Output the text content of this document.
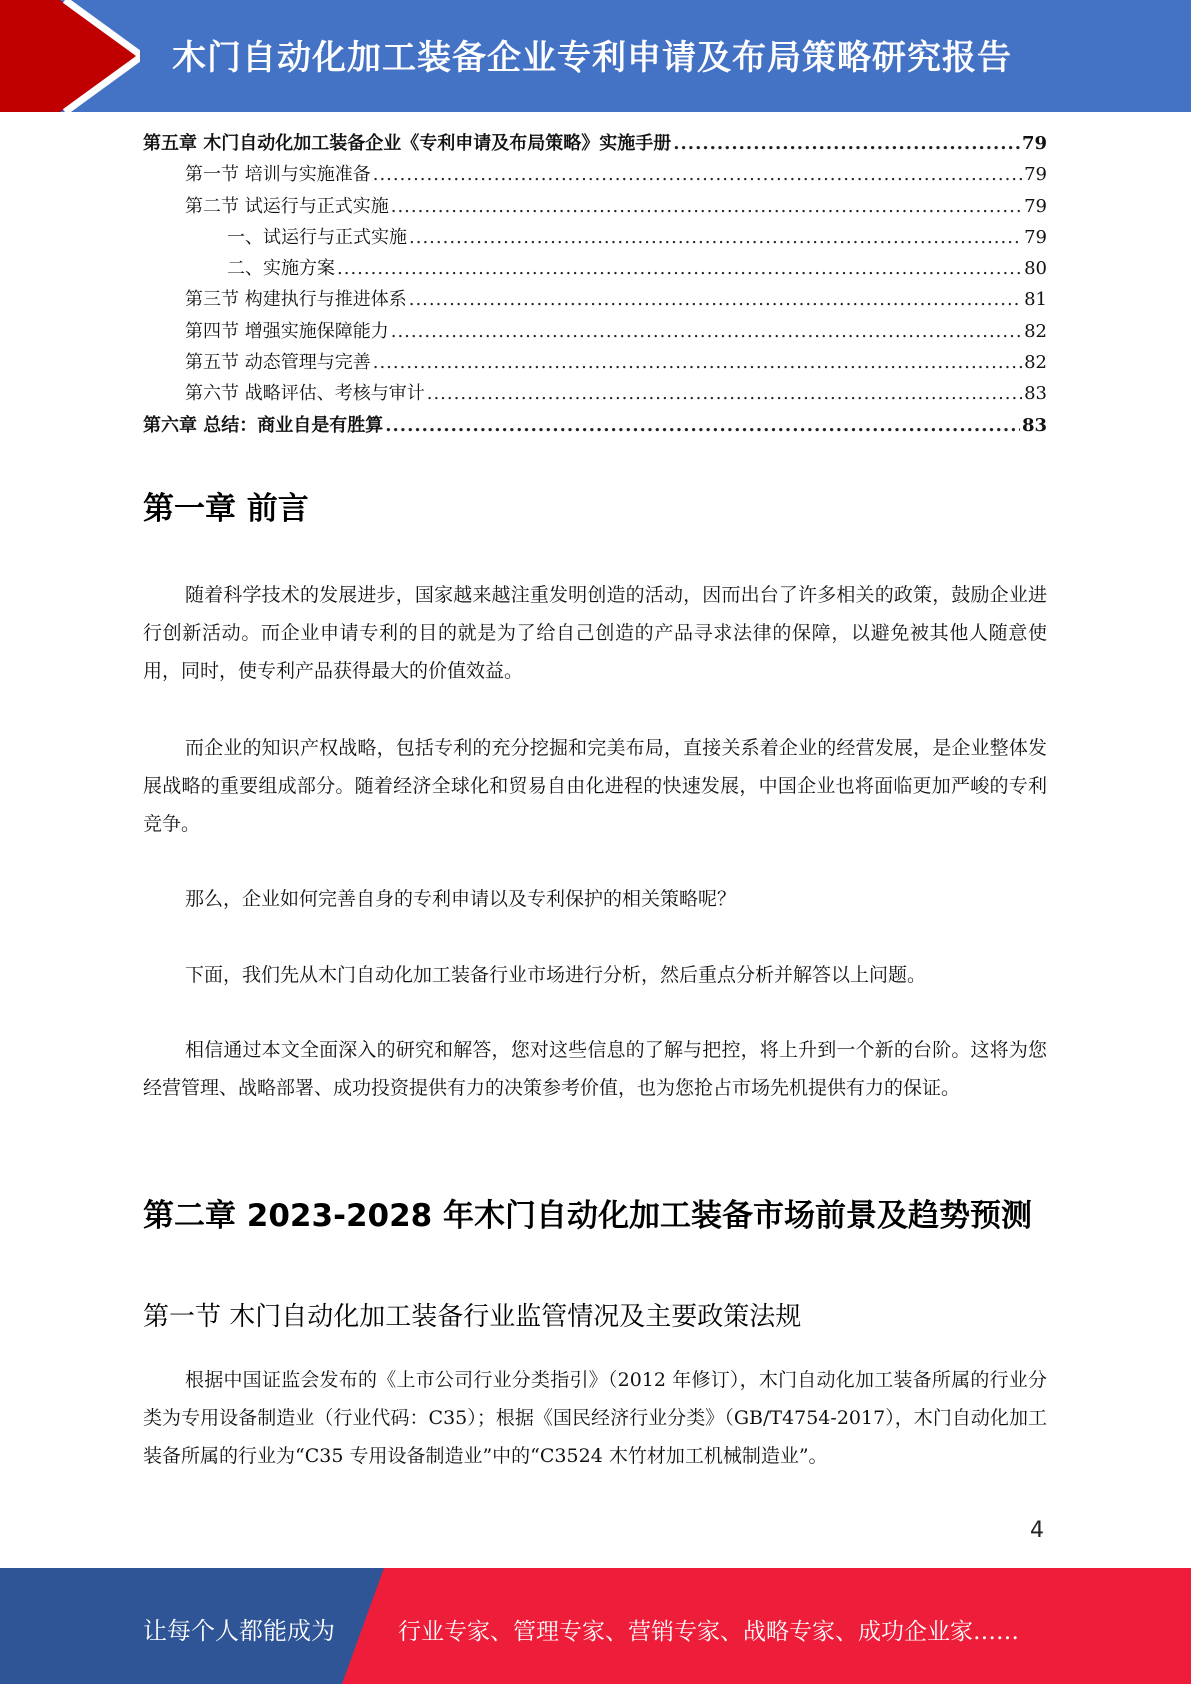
木门自动化加工装备企业专利申请及布局策略研究报告
第五章 木门自动化加工装备企业《专利申请及布局策略》实施手册 .....	79
第一节 培训与实施准备 .....	79
第二节 试运行与正式实施 .....	79
一、试运行与正式实施 .....	79
二、实施方案 .....	80
第三节 构建执行与推进体系 .....	81
第四节 增强实施保障能力 .....	82
第五节 动态管理与完善 .....	82
第六节 战略评估、考核与审计 .....	83
第六章 总结：商业自是有胜算 .....	83
第一章 前言
随着科学技术的发展进步，国家越来越注重发明创造的活动，因而出台了许多相关的政策，鼓励企业进行创新活动。而企业申请专利的目的就是为了给自己创造的产品寻求法律的保障，以避免被其他人随意使用，同时，使专利产品获得最大的价值效益。
而企业的知识产权战略，包括专利的充分挖掘和完美布局，直接关系着企业的经营发展，是企业整体发展战略的重要组成部分。随着经济全球化和贸易自由化进程的快速发展，中国企业也将面临更加严峻的专利竞争。
那么，企业如何完善自身的专利申请以及专利保护的相关策略呢？
下面，我们先从木门自动化加工装备行业市场进行分析，然后重点分析并解答以上问题。
相信通过本文全面深入的研究和解答，您对这些信息的了解与把控，将上升到一个新的台阶。这将为您经营管理、战略部署、成功投资提供有力的决策参考价值，也为您抢占市场先机提供有力的保证。
第二章 2023-2028 年木门自动化加工装备市场前景及趋势预测
第一节 木门自动化加工装备行业监管情况及主要政策法规
根据中国证监会发布的《上市公司行业分类指引》（2012 年修订），木门自动化加工装备所属的行业分类为专用设备制造业（行业代码：C35）；根据《国民经济行业分类》（GB/T4754-2017），木门自动化加工装备所属的行业为“C35 专用设备制造业”中的“C3524 木竹材加工机械制造业”。
4
让每个人都能成为	行业专家、管理专家、营销专家、战略专家、成功企业家……
